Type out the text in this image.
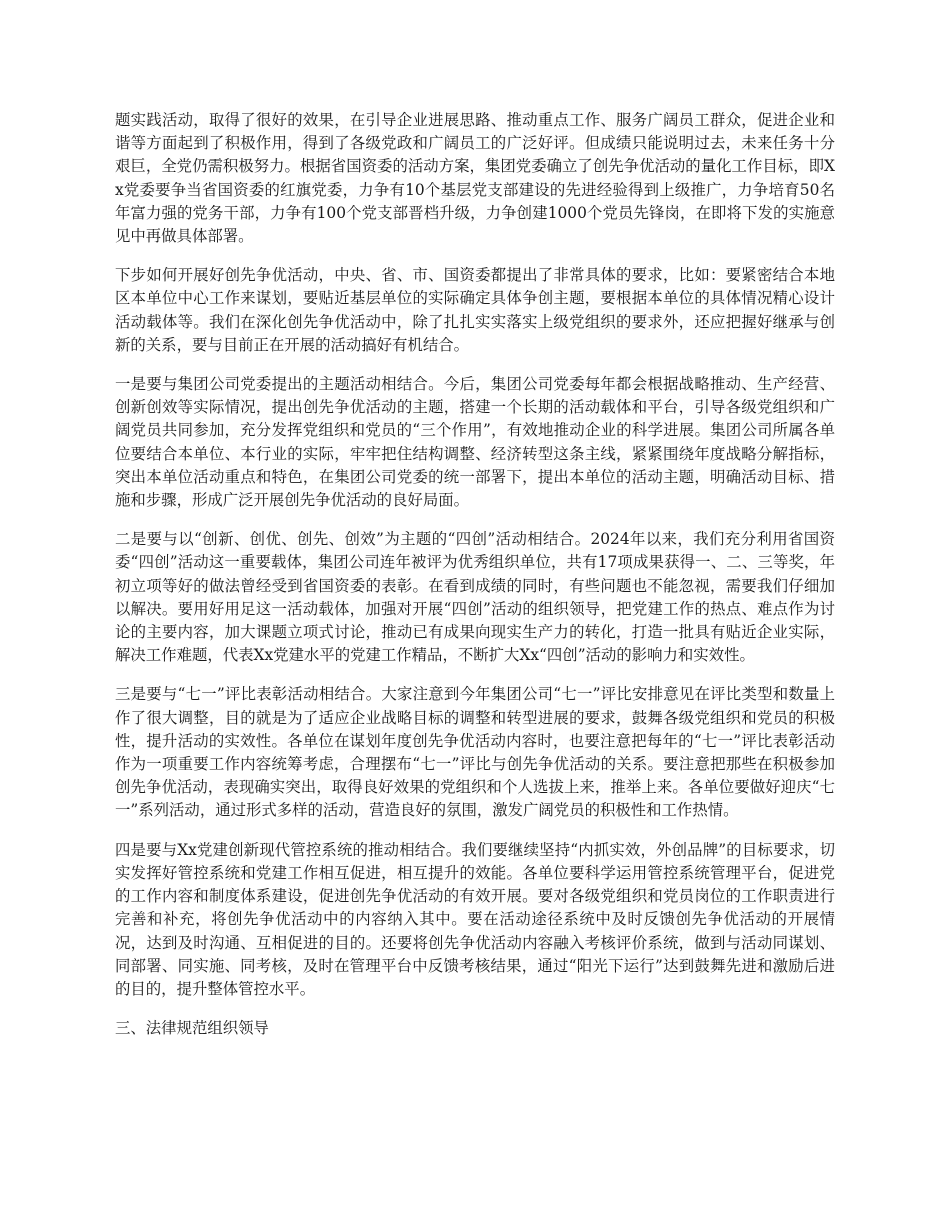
题实践活动，取得了很好的效果，在引导企业进展思路、推动重点工作、服务广阔员工群众，促进企业和谐等方面起到了积极作用，得到了各级党政和广阔员工的广泛好评。但成绩只能说明过去，未来任务十分艰巨，全党仍需积极努力。根据省国资委的活动方案，集团党委确立了创先争优活动的量化工作目标，即Xx党委要争当省国资委的红旗党委，力争有10个基层党支部建设的先进经验得到上级推广，力争培育50名年富力强的党务干部，力争有100个党支部晋档升级，力争创建1000个党员先锋岗，在即将下发的实施意见中再做具体部署。

下步如何开展好创先争优活动，中央、省、市、国资委都提出了非常具体的要求，比如：要紧密结合本地区本单位中心工作来谋划，要贴近基层单位的实际确定具体争创主题，要根据本单位的具体情况精心设计活动载体等。我们在深化创先争优活动中，除了扎扎实实落实上级党组织的要求外，还应把握好继承与创新的关系，要与目前正在开展的活动搞好有机结合。

一是要与集团公司党委提出的主题活动相结合。今后，集团公司党委每年都会根据战略推动、生产经营、创新创效等实际情况，提出创先争优活动的主题，搭建一个长期的活动载体和平台，引导各级党组织和广阔党员共同参加，充分发挥党组织和党员的“三个作用”，有效地推动企业的科学进展。集团公司所属各单位要结合本单位、本行业的实际，牢牢把住结构调整、经济转型这条主线，紧紧围绕年度战略分解指标，突出本单位活动重点和特色，在集团公司党委的统一部署下，提出本单位的活动主题，明确活动目标、措施和步骤，形成广泛开展创先争优活动的良好局面。

二是要与以“创新、创优、创先、创效”为主题的“四创”活动相结合。2024年以来，我们充分利用省国资委“四创”活动这一重要载体，集团公司连年被评为优秀组织单位，共有17项成果获得一、二、三等奖，年初立项等好的做法曾经受到省国资委的表彰。在看到成绩的同时，有些问题也不能忽视，需要我们仔细加以解决。要用好用足这一活动载体，加强对开展“四创”活动的组织领导，把党建工作的热点、难点作为讨论的主要内容，加大课题立项式讨论，推动已有成果向现实生产力的转化，打造一批具有贴近企业实际，解决工作难题，代表Xx党建水平的党建工作精品，不断扩大Xx“四创”活动的影响力和实效性。

三是要与“七一”评比表彰活动相结合。大家注意到今年集团公司“七一”评比安排意见在评比类型和数量上作了很大调整，目的就是为了适应企业战略目标的调整和转型进展的要求，鼓舞各级党组织和党员的积极性，提升活动的实效性。各单位在谋划年度创先争优活动内容时，也要注意把每年的“七一”评比表彰活动作为一项重要工作内容统筹考虑，合理摆布“七一”评比与创先争优活动的关系。要注意把那些在积极参加创先争优活动，表现确实突出，取得良好效果的党组织和个人选拔上来，推举上来。各单位要做好迎庆“七一”系列活动，通过形式多样的活动，营造良好的氛围，激发广阔党员的积极性和工作热情。

四是要与Xx党建创新现代管控系统的推动相结合。我们要继续坚持“内抓实效，外创品牌”的目标要求，切实发挥好管控系统和党建工作相互促进，相互提升的效能。各单位要科学运用管控系统管理平台，促进党的工作内容和制度体系建设，促进创先争优活动的有效开展。要对各级党组织和党员岗位的工作职责进行完善和补充，将创先争优活动中的内容纳入其中。要在活动途径系统中及时反馈创先争优活动的开展情况，达到及时沟通、互相促进的目的。还要将创先争优活动内容融入考核评价系统，做到与活动同谋划、同部署、同实施、同考核，及时在管理平台中反馈考核结果，通过“阳光下运行”达到鼓舞先进和激励后进的目的，提升整体管控水平。

三、法律规范组织领导
